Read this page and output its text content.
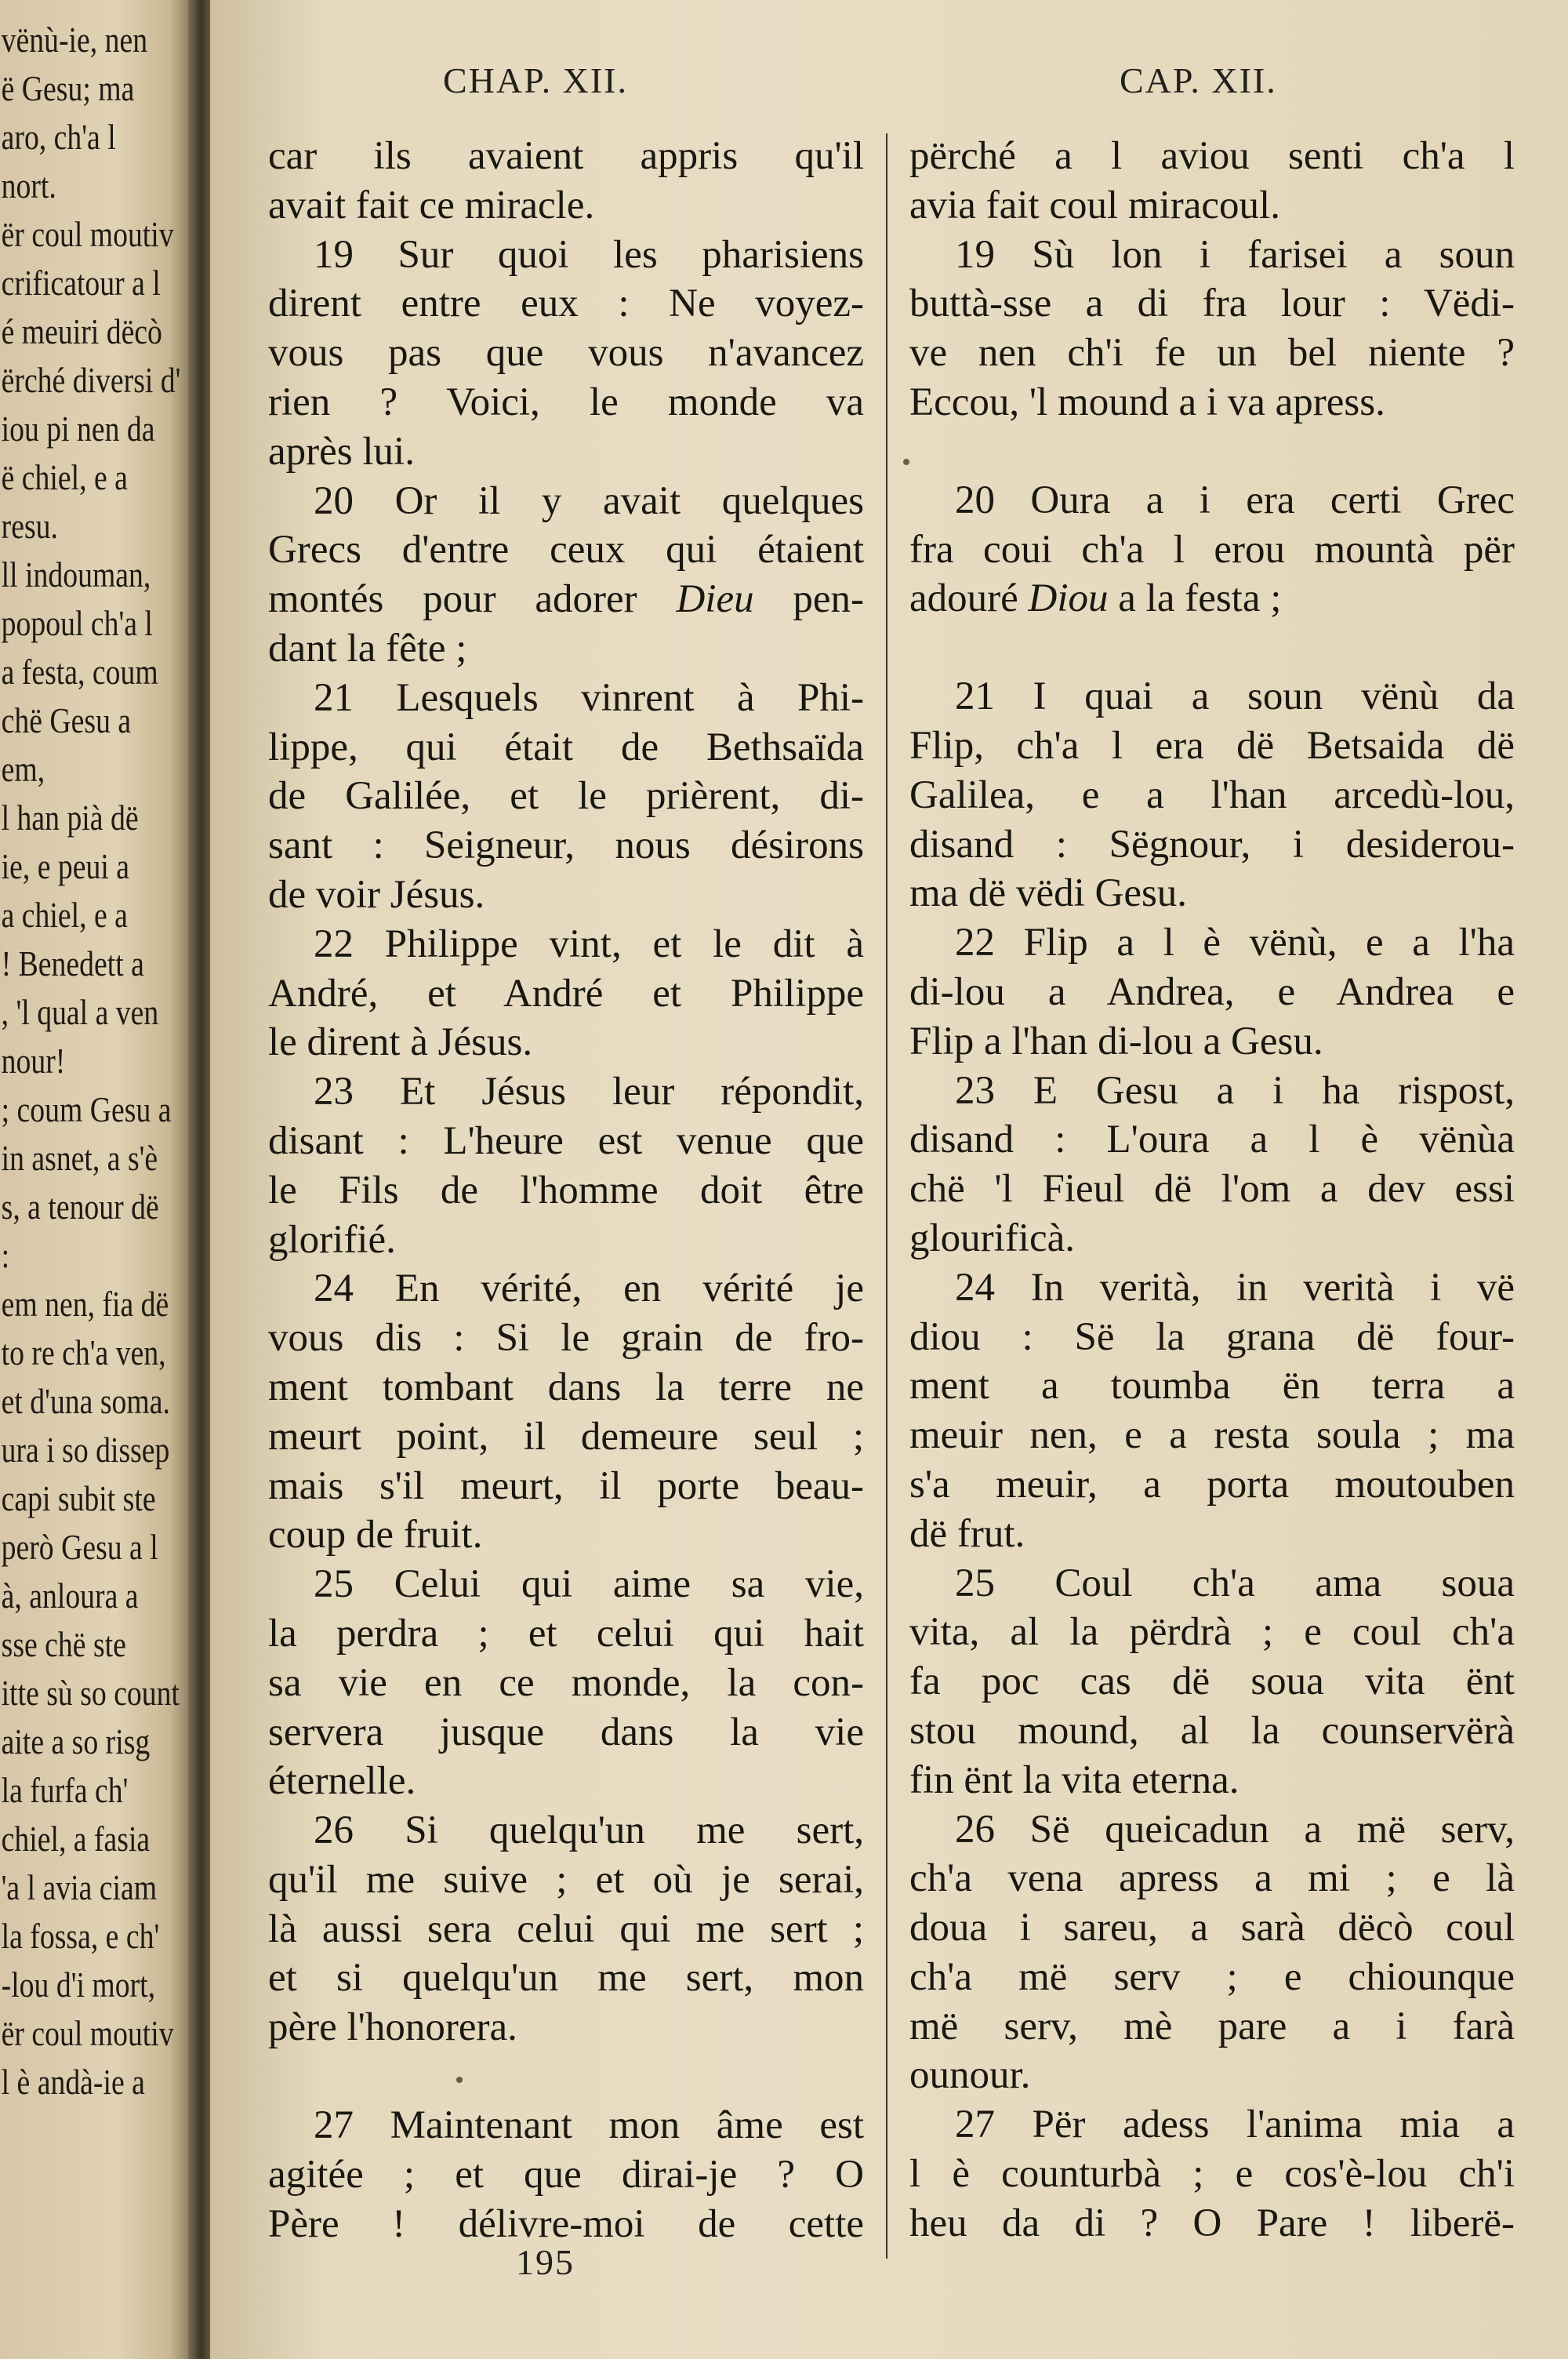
vënù-ie, nen
ë Gesu; ma
aro, ch'a l
nort.
ër coul moutiv
crificatour a l
é meuiri dëcò
ërché diversi d'
iou pi nen da
ë chiel, e a
resu.
ll indouman,
popoul ch'a l
a festa, coum
chë Gesu a
em,
l han pià dë
ie, e peui a
a chiel, e a
! Benedett a
, 'l qual a ven
nour!
; coum Gesu a
in asnet, a s'è
s, a tenour dë
:
em nen, fia dë
to re ch'a ven,
et d'una soma.
ura i so dissep
capi subit ste
però Gesu a l
à, anloura a
sse chë ste
itte sù so count
aite a so risg
la furfa ch'
chiel, a fasia
'a l avia ciam
la fossa, e ch'
-lou d'i mort,
ër coul moutiv
l è andà-ie a
CHAP. XII.	CAP. XII.
car ils avaient appris qu'il
avait fait ce miracle.
19 Sur quoi les pharisiens
dirent entre eux : Ne voyez-
vous pas que vous n'avancez
rien ? Voici, le monde va
après lui.
20 Or il y avait quelques
Grecs d'entre ceux qui étaient
montés pour adorer Dieu pen-
dant la fête ;
21 Lesquels vinrent à Phi-
lippe, qui était de Bethsaïda
de Galilée, et le prièrent, di-
sant : Seigneur, nous désirons
de voir Jésus.
22 Philippe vint, et le dit à
André, et André et Philippe
le dirent à Jésus.
23 Et Jésus leur répondit,
disant : L'heure est venue que
le Fils de l'homme doit être
glorifié.
24 En vérité, en vérité je
vous dis : Si le grain de fro-
ment tombant dans la terre ne
meurt point, il demeure seul ;
mais s'il meurt, il porte beau-
coup de fruit.
25 Celui qui aime sa vie,
la perdra ; et celui qui hait
sa vie en ce monde, la con-
servera jusque dans la vie
éternelle.
26 Si quelqu'un me sert,
qu'il me suive ; et où je serai,
là aussi sera celui qui me sert ;
et si quelqu'un me sert, mon
père l'honorera.
27 Maintenant mon âme est
agitée ; et que dirai-je ? O
Père ! délivre-moi de cette
përché a l aviou senti ch'a l
avia fait coul miracoul.
19 Sù lon i farisei a soun
buttà-sse a di fra lour : Vëdi-
ve nen ch'i fe un bel niente ?
Eccou, 'l mound a i va apress.
20 Oura a i era certi Grec
fra coui ch'a l erou mountà për
adouré Diou a la festa ;
21 I quai a soun vënù da
Flip, ch'a l era dë Betsaida dë
Galilea, e a l'han arcedù-lou,
disand : Sëgnour, i desiderou-
ma dë vëdi Gesu.
22 Flip a l è vënù, e a l'ha
di-lou a Andrea, e Andrea e
Flip a l'han di-lou a Gesu.
23 E Gesu a i ha rispost,
disand : L'oura a l è vënùa
chë 'l Fieul dë l'om a dev essi
glourificà.
24 In verità, in verità i vë
diou : Së la grana dë four-
ment a toumba ën terra a
meuir nen, e a resta soula ; ma
s'a meuir, a porta moutouben
dë frut.
25 Coul ch'a ama soua
vita, al la përdrà ; e coul ch'a
fa poc cas dë soua vita ënt
stou mound, al la counservërà
fin ënt la vita eterna.
26 Së queicadun a më serv,
ch'a vena apress a mi ; e là
doua i sareu, a sarà dëcò coul
ch'a më serv ; e chiounque
më serv, mè pare a i farà
ounour.
27 Për adess l'anima mia a
l è counturbà ; e cos'è-lou ch'i
heu da di ? O Pare ! liberë-
195
